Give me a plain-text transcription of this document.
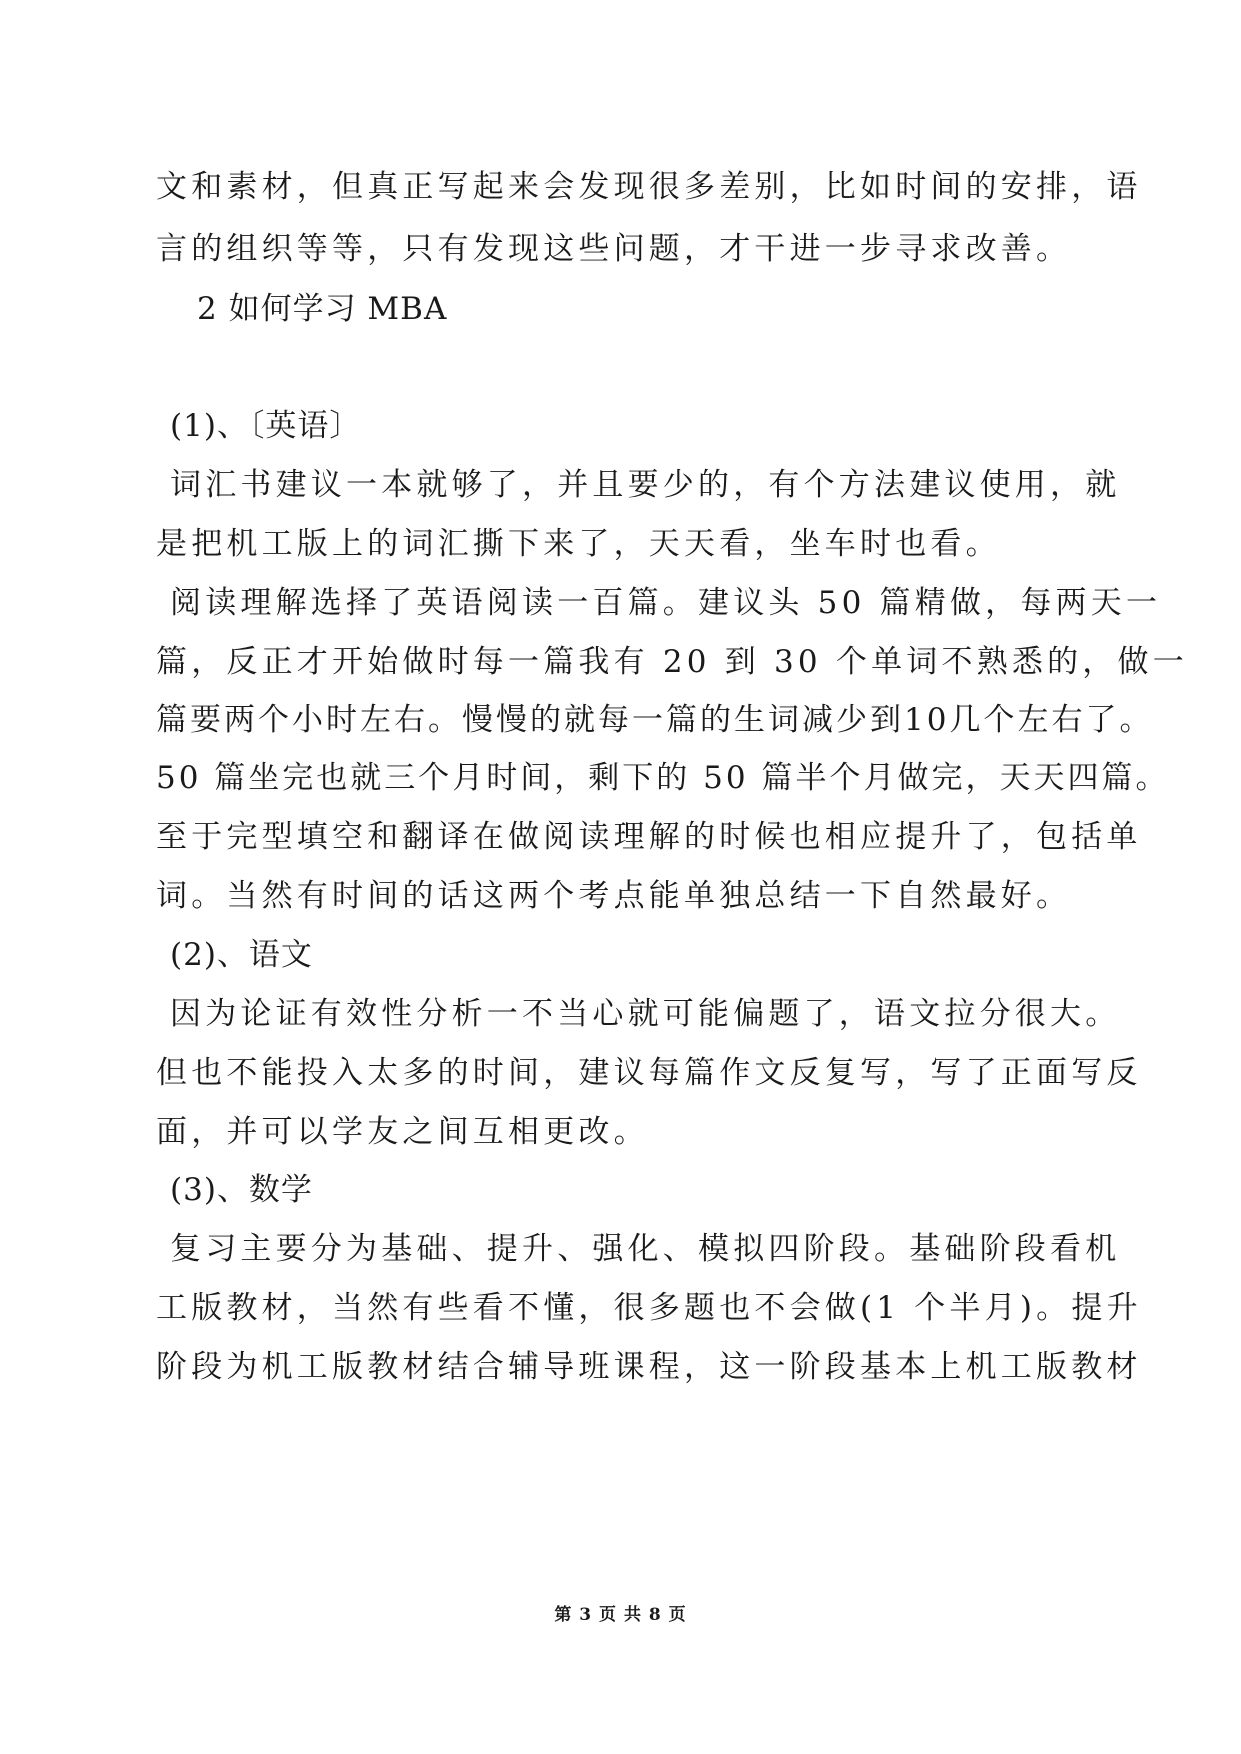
文和素材，但真正写起来会发现很多差别，比如时间的安排，语
言的组织等等，只有发现这些问题，才干进一步寻求改善。
2 如何学习 MBA
(1)、〔英语〕
词汇书建议一本就够了，并且要少的，有个方法建议使用，就
是把机工版上的词汇撕下来了，天天看，坐车时也看。
阅读理解选择了英语阅读一百篇。建议头 50 篇精做，每两天一
篇，反正才开始做时每一篇我有 20 到 30 个单词不熟悉的，做一
篇要两个小时左右。慢慢的就每一篇的生词减少到10几个左右了。
50 篇坐完也就三个月时间，剩下的 50 篇半个月做完，天天四篇。
至于完型填空和翻译在做阅读理解的时候也相应提升了，包括单
词。当然有时间的话这两个考点能单独总结一下自然最好。
(2)、语文
因为论证有效性分析一不当心就可能偏题了，语文拉分很大。
但也不能投入太多的时间，建议每篇作文反复写，写了正面写反
面，并可以学友之间互相更改。
(3)、数学
复习主要分为基础、提升、强化、模拟四阶段。基础阶段看机
工版教材，当然有些看不懂，很多题也不会做(1 个半月)。提升
阶段为机工版教材结合辅导班课程，这一阶段基本上机工版教材
第 3 页 共 8 页
